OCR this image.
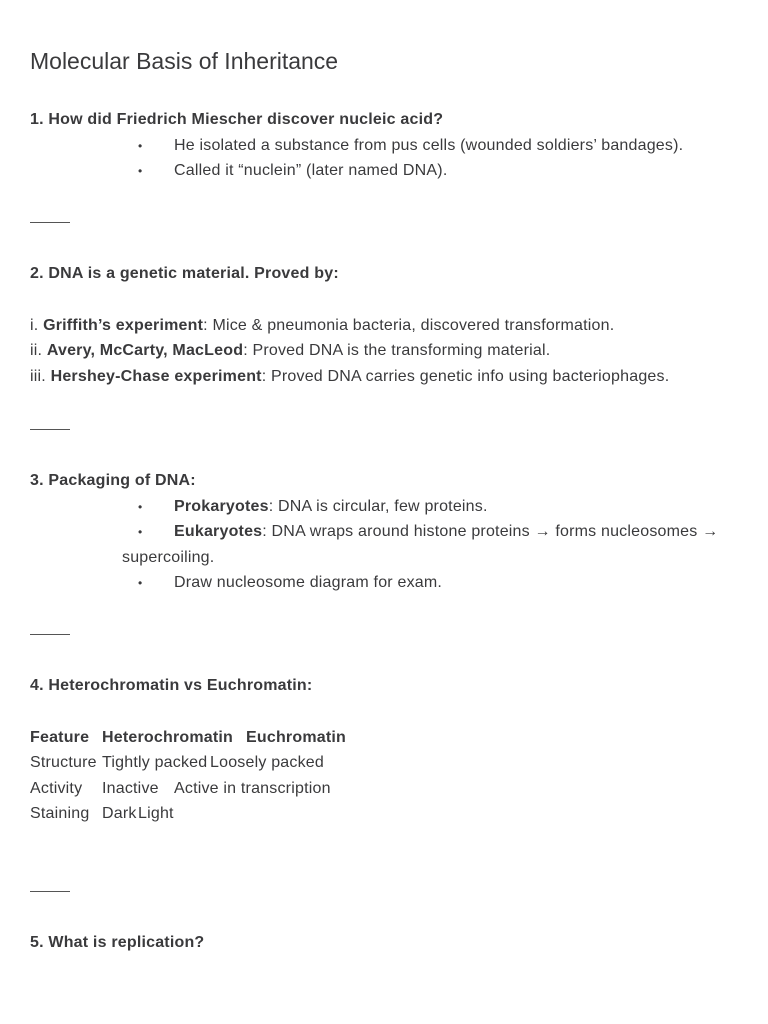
Molecular Basis of Inheritance
1. How did Friedrich Miescher discover nucleic acid?
• He isolated a substance from pus cells (wounded soldiers’ bandages).
• Called it “nuclein” (later named DNA).
2. DNA is a genetic material. Proved by:
i. Griffith’s experiment: Mice & pneumonia bacteria, discovered transformation.
ii. Avery, McCarty, MacLeod: Proved DNA is the transforming material.
iii. Hershey-Chase experiment: Proved DNA carries genetic info using bacteriophages.
3. Packaging of DNA:
• Prokaryotes: DNA is circular, few proteins.
• Eukaryotes: DNA wraps around histone proteins → forms nucleosomes →
supercoiling.
• Draw nucleosome diagram for exam.
4. Heterochromatin vs Euchromatin:
Feature Heterochromatin Euchromatin
Structure Tightly packed Loosely packed
Activity Inactive Active in transcription
Staining Dark Light
5. What is replication?
